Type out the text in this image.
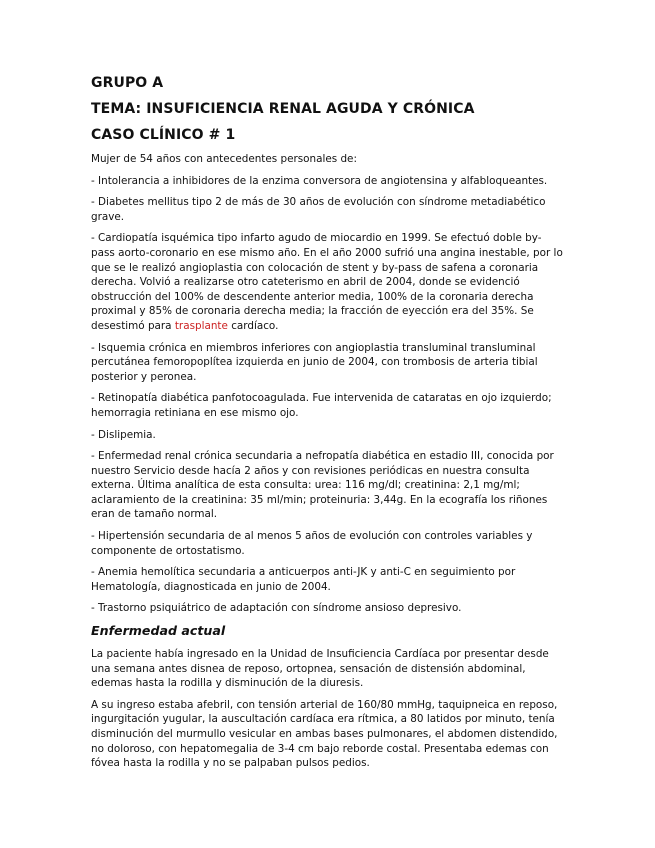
GRUPO A
TEMA: INSUFICIENCIA RENAL AGUDA Y CRÓNICA
CASO CLÍNICO # 1
Mujer de 54 años con antecedentes personales de:
- Intolerancia a inhibidores de la enzima conversora de angiotensina y alfabloqueantes.
- Diabetes mellitus tipo 2 de más de 30 años de evolución con síndrome metadiabético grave.
- Cardiopatía isquémica tipo infarto agudo de miocardio en 1999. Se efectuó doble by-pass aorto-coronario en ese mismo año. En el año 2000 sufrió una angina inestable, por lo que se le realizó angioplastia con colocación de stent y by-pass de safena a coronaria derecha. Volvió a realizarse otro cateterismo en abril de 2004, donde se evidenció obstrucción del 100% de descendente anterior media, 100% de la coronaria derecha proximal y 85% de coronaria derecha media; la fracción de eyección era del 35%. Se desestimó para trasplante cardíaco.
- Isquemia crónica en miembros inferiores con angioplastia transluminal transluminal percutánea femoropoplítea izquierda en junio de 2004, con trombosis de arteria tibial posterior y peronea.
- Retinopatía diabética panfotocoagulada. Fue intervenida de cataratas en ojo izquierdo; hemorragia retiniana en ese mismo ojo.
- Dislipemia.
- Enfermedad renal crónica secundaria a nefropatía diabética en estadio III, conocida por nuestro Servicio desde hacía 2 años y con revisiones periódicas en nuestra consulta externa. Última analítica de esta consulta: urea: 116 mg/dl; creatinina: 2,1 mg/ml; aclaramiento de la creatinina: 35 ml/min; proteinuria: 3,44g. En la ecografía los riñones eran de tamaño normal.
- Hipertensión secundaria de al menos 5 años de evolución con controles variables y componente de ortostatismo.
- Anemia hemolítica secundaria a anticuerpos anti-JK y anti-C en seguimiento por Hematología, diagnosticada en junio de 2004.
- Trastorno psiquiátrico de adaptación con síndrome ansioso depresivo.
Enfermedad actual
La paciente había ingresado en la Unidad de Insuficiencia Cardíaca por presentar desde una semana antes disnea de reposo, ortopnea, sensación de distensión abdominal, edemas hasta la rodilla y disminución de la diuresis.
A su ingreso estaba afebril, con tensión arterial de 160/80 mmHg, taquipneica en reposo, ingurgitación yugular, la auscultación cardíaca era rítmica, a 80 latidos por minuto, tenía disminución del murmullo vesicular en ambas bases pulmonares, el abdomen distendido, no doloroso, con hepatomegalia de 3-4 cm bajo reborde costal. Presentaba edemas con fóvea hasta la rodilla y no se palpaban pulsos pedios.
